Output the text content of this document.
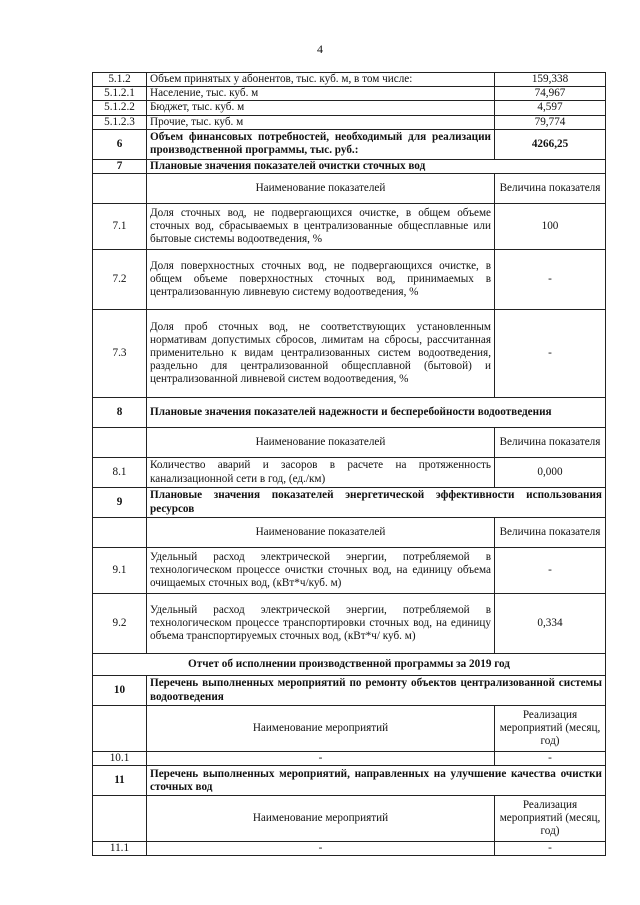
4
5.1.2	Объем принятых у абонентов, тыс. куб. м, в том числе:	159,338
5.1.2.1	Население, тыс. куб. м	74,967
5.1.2.2	Бюджет, тыс. куб. м	4,597
5.1.2.3	Прочие, тыс. куб. м	79,774
6	Объем финансовых потребностей, необходимый для реализации производственной программы, тыс. руб.:	4266,25
7	Плановые значения показателей очистки сточных вод	
	Наименование показателей	Величина показателя
7.1	Доля сточных вод, не подвергающихся очистке, в общем объеме сточных вод, сбрасываемых в централизованные общесплавные или бытовые системы водоотведения, %	100
7.2	Доля поверхностных сточных вод, не подвергающихся очистке, в общем объеме поверхностных сточных вод, принимаемых в централизованную ливневую систему водоотведения, %	-
7.3	Доля проб сточных вод, не соответствующих установленным нормативам допустимых сбросов, лимитам на сбросы, рассчитанная применительно к видам централизованных систем водоотведения, раздельно для централизованной общесплавной (бытовой) и централизованной ливневой систем водоотведения, %	-
8	Плановые значения показателей надежности и бесперебойности водоотведения	
	Наименование показателей	Величина показателя
8.1	Количество аварий и засоров в расчете на протяженность канализационной сети в год, (ед./км)	0,000
9	Плановые значения показателей энергетической эффективности использования ресурсов	
	Наименование показателей	Величина показателя
9.1	Удельный расход электрической энергии, потребляемой в технологическом процессе очистки сточных вод, на единицу объема очищаемых сточных вод, (кВт*ч/куб. м)	-
9.2	Удельный расход электрической энергии, потребляемой в технологическом процессе транспортировки сточных вод, на единицу объема транспортируемых сточных вод, (кВт*ч/ куб. м)	0,334
Отчет об исполнении производственной программы за 2019 год		
10	Перечень выполненных мероприятий по ремонту объектов централизованной системы водоотведения	
	Наименование мероприятий	Реализация мероприятий (месяц, год)
10.1	-	-
11	Перечень выполненных мероприятий, направленных на улучшение качества очистки сточных вод	
	Наименование мероприятий	Реализация мероприятий (месяц, год)
11.1	-	-
